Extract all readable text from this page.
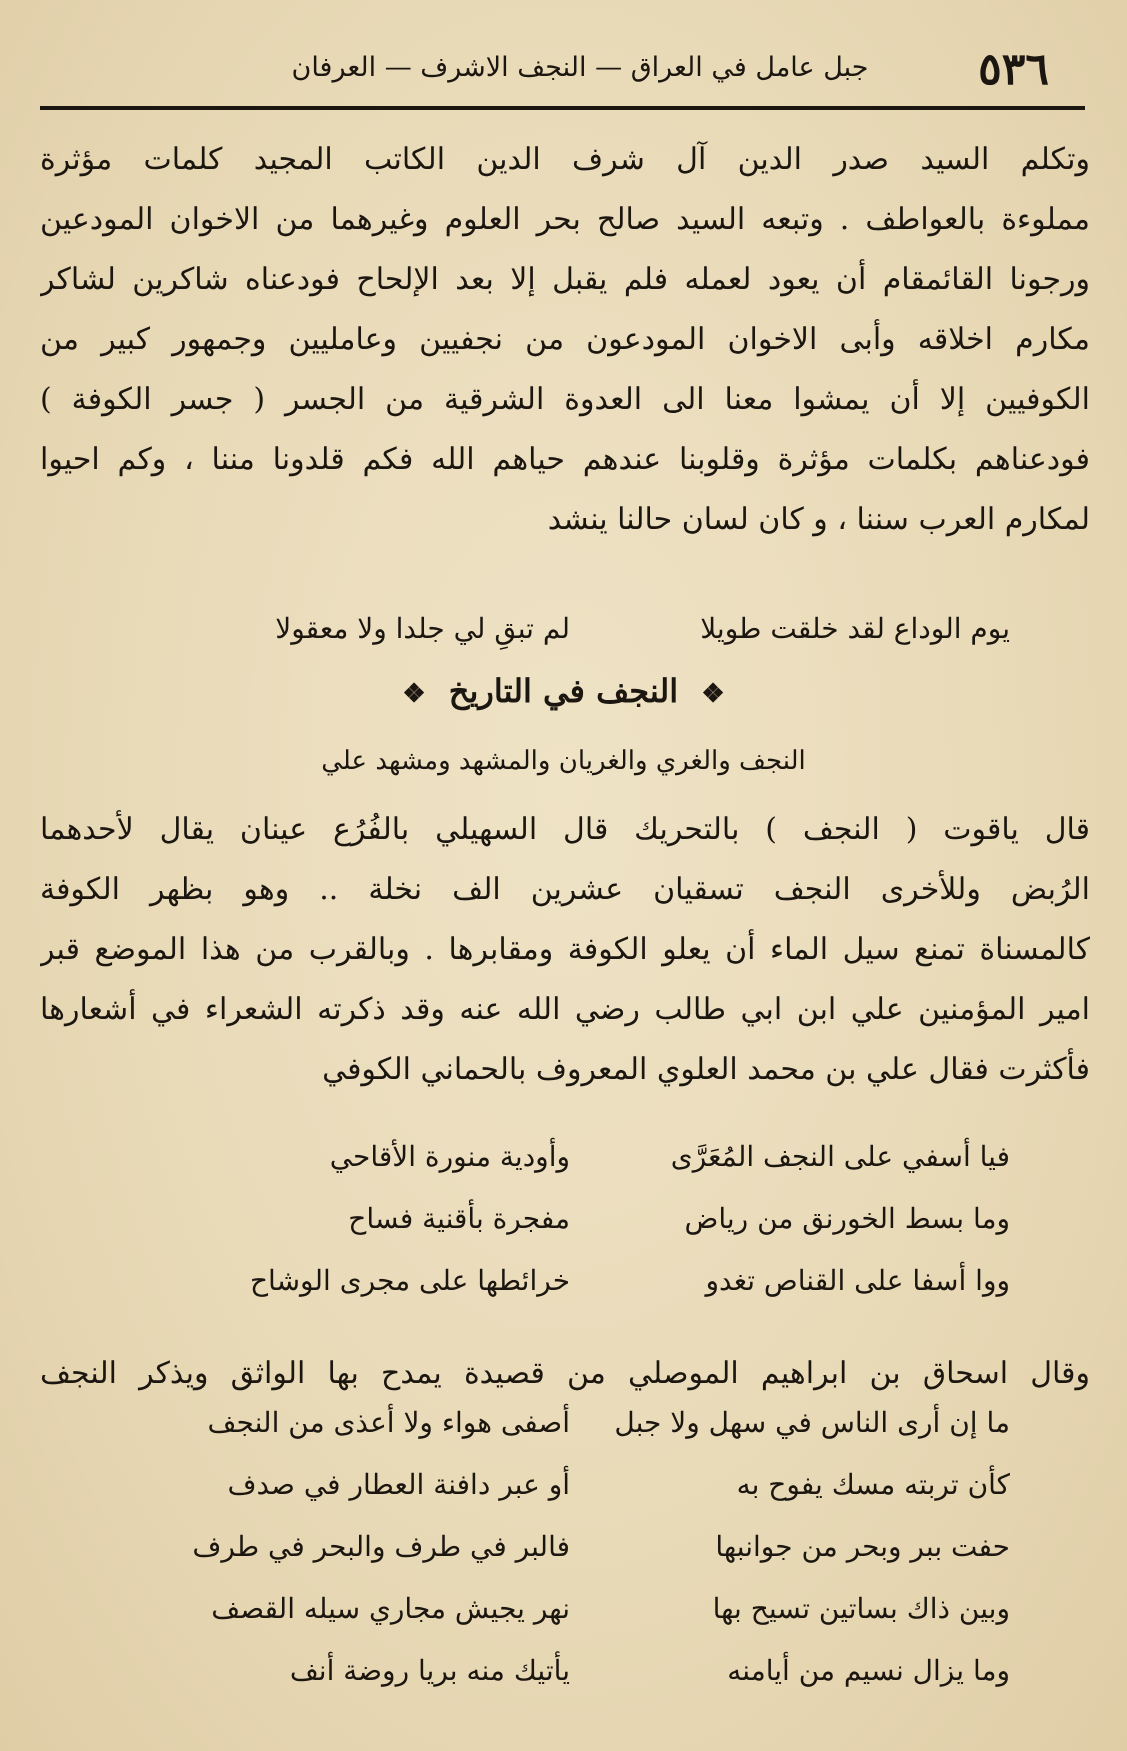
٥٣٦
جبل عامل في العراق — النجف الاشرف — العرفان
وتكلم السيد صدر الدين آل شرف الدين الكاتب المجيد كلمات مؤثرة
مملوءة بالعواطف . وتبعه السيد صالح بحر العلوم وغيرهما من الاخوان المودعين
ورجونا القائمقام أن يعود لعمله فلم يقبل إلا بعد الإلحاح فودعناه شاكرين لشاكر
مكارم اخلاقه وأبى الاخوان المودعون من نجفيين وعامليين وجمهور كبير من
الكوفيين إلا أن يمشوا معنا الى العدوة الشرقية من الجسر ( جسر الكوفة )
فودعناهم بكلمات مؤثرة وقلوبنا عندهم حياهم الله فكم قلدونا مننا ، وكم احيوا
لمكارم العرب سننا ، و كان لسان حالنا ينشد
يوم الوداع لقد خلقت طويلا
لم تبقِ لي جلدا ولا معقولا
❖ النجف في التاريخ ❖
النجف والغري والغريان والمشهد ومشهد علي
قال ياقوت ( النجف ) بالتحريك قال السهيلي بالفُرُع عينان يقال لأحدهما
الرُبض وللأخرى النجف تسقيان عشرين الف نخلة .. وهو بظهر الكوفة
كالمسناة تمنع سيل الماء أن يعلو الكوفة ومقابرها . وبالقرب من هذا الموضع قبر
امير المؤمنين علي ابن ابي طالب رضي الله عنه وقد ذكرته الشعراء في أشعارها
فأكثرت فقال علي بن محمد العلوي المعروف بالحماني الكوفي
فيا أسفي على النجف المُعَرَّى
وأودية منورة الأقاحي
وما بسط الخورنق من رياض
مفجرة بأقنية فساح
ووا أسفا على القناص تغدو
خرائطها على مجرى الوشاح
وقال اسحاق بن ابراهيم الموصلي من قصيدة يمدح بها الواثق ويذكر النجف
ما إن أرى الناس في سهل ولا جبل
أصفى هواء ولا أعذى من النجف
كأن تربته مسك يفوح به
أو عبر دافنة العطار في صدف
حفت ببر وبحر من جوانبها
فالبر في طرف والبحر في طرف
وبين ذاك بساتين تسيح بها
نهر يجيش مجاري سيله القصف
وما يزال نسيم من أيامنه
يأتيك منه بريا روضة أنف
